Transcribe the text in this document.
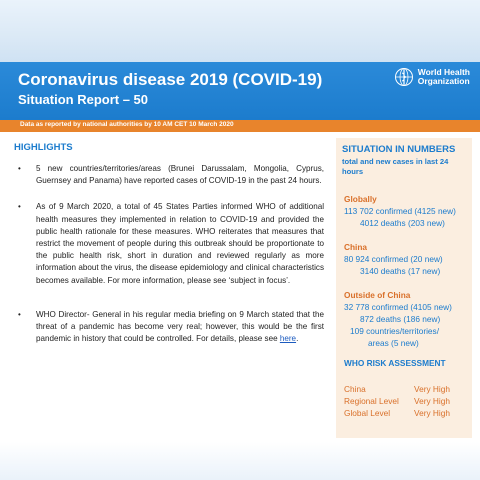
Coronavirus disease 2019 (COVID-19)
Situation Report – 50
World Health
Organization
Data as reported by national authorities by 10 AM CET 10 March 2020
HIGHLIGHTS
• 5 new countries/territories/areas (Brunei Darussalam, Mongolia, Cyprus, Guernsey and Panama) have reported cases of COVID-19 in the past 24 hours.
• As of 9 March 2020, a total of 45 States Parties informed WHO of additional health measures they implemented in relation to COVID-19 and provided the public health rationale for these measures. WHO reiterates that measures that restrict the movement of people during this outbreak should be proportionate to the public health risk, short in duration and reviewed regularly as more information about the virus, the disease epidemiology and clinical characteristics becomes available. For more information, please see ‘subject in focus’.
• WHO Director- General in his regular media briefing on 9 March stated that the threat of a pandemic has become very real; however, this would be the first pandemic in history that could be controlled. For details, please see here.
SITUATION IN NUMBERS
total and new cases in last 24 hours
Globally
113 702 confirmed (4125 new)
4012 deaths (203 new)
China
80 924 confirmed (20 new)
3140 deaths (17 new)
Outside of China
32 778 confirmed (4105 new)
872 deaths (186 new)
109 countries/territories/
areas (5 new)
WHO RISK ASSESSMENT
China	Very High
Regional Level Very High
Global Level	Very High
